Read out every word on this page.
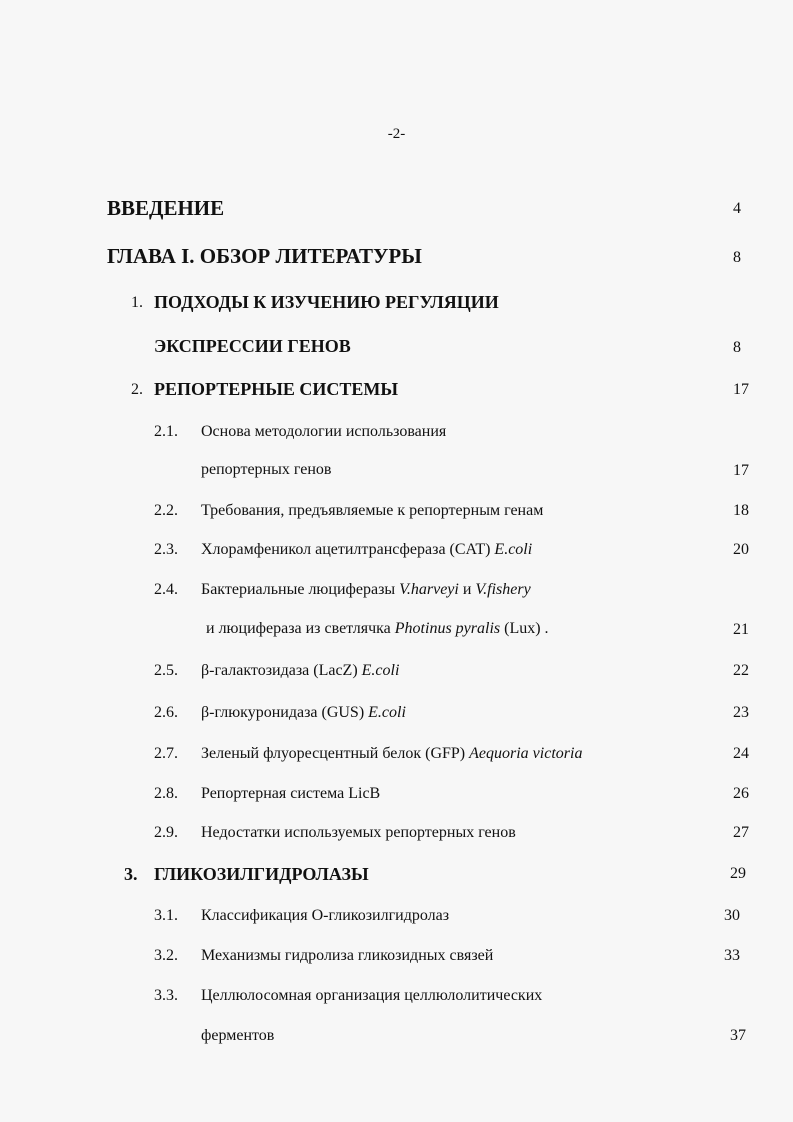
-2-
ВВЕДЕНИЕ	4
ГЛАВА I. ОБЗОР ЛИТЕРАТУРЫ	8
1. ПОДХОДЫ К ИЗУЧЕНИЮ РЕГУЛЯЦИИ
ЭКСПРЕССИИ ГЕНОВ	8
2. РЕПОРТЕРНЫЕ СИСТЕМЫ	17
2.1. Основа методологии использования
репортерных генов	17
2.2. Требования, предъявляемые к репортерным генам	18
2.3. Хлорамфеникол ацетилтрансфераза (CAT) E.coli	20
2.4. Бактериальные люциферазы V.harveyi и V.fishery
и люцифераза из светлячка Photinus pyralis (Lux) .	21
2.5. β-галактозидаза (LacZ) E.coli	22
2.6. β-глюкуронидаза (GUS) E.coli	23
2.7. Зеленый флуоресцентный белок (GFP) Aequoria victoria	24
2.8. Репортерная система LicB	26
2.9. Недостатки используемых репортерных генов	27
3. ГЛИКОЗИЛГИДРОЛАЗЫ	29
3.1. Классификация О-гликозилгидролаз	30
3.2. Механизмы гидролиза гликозидных связей	33
3.3. Целлюлосомная организация целлюлолитических
ферментов	37
